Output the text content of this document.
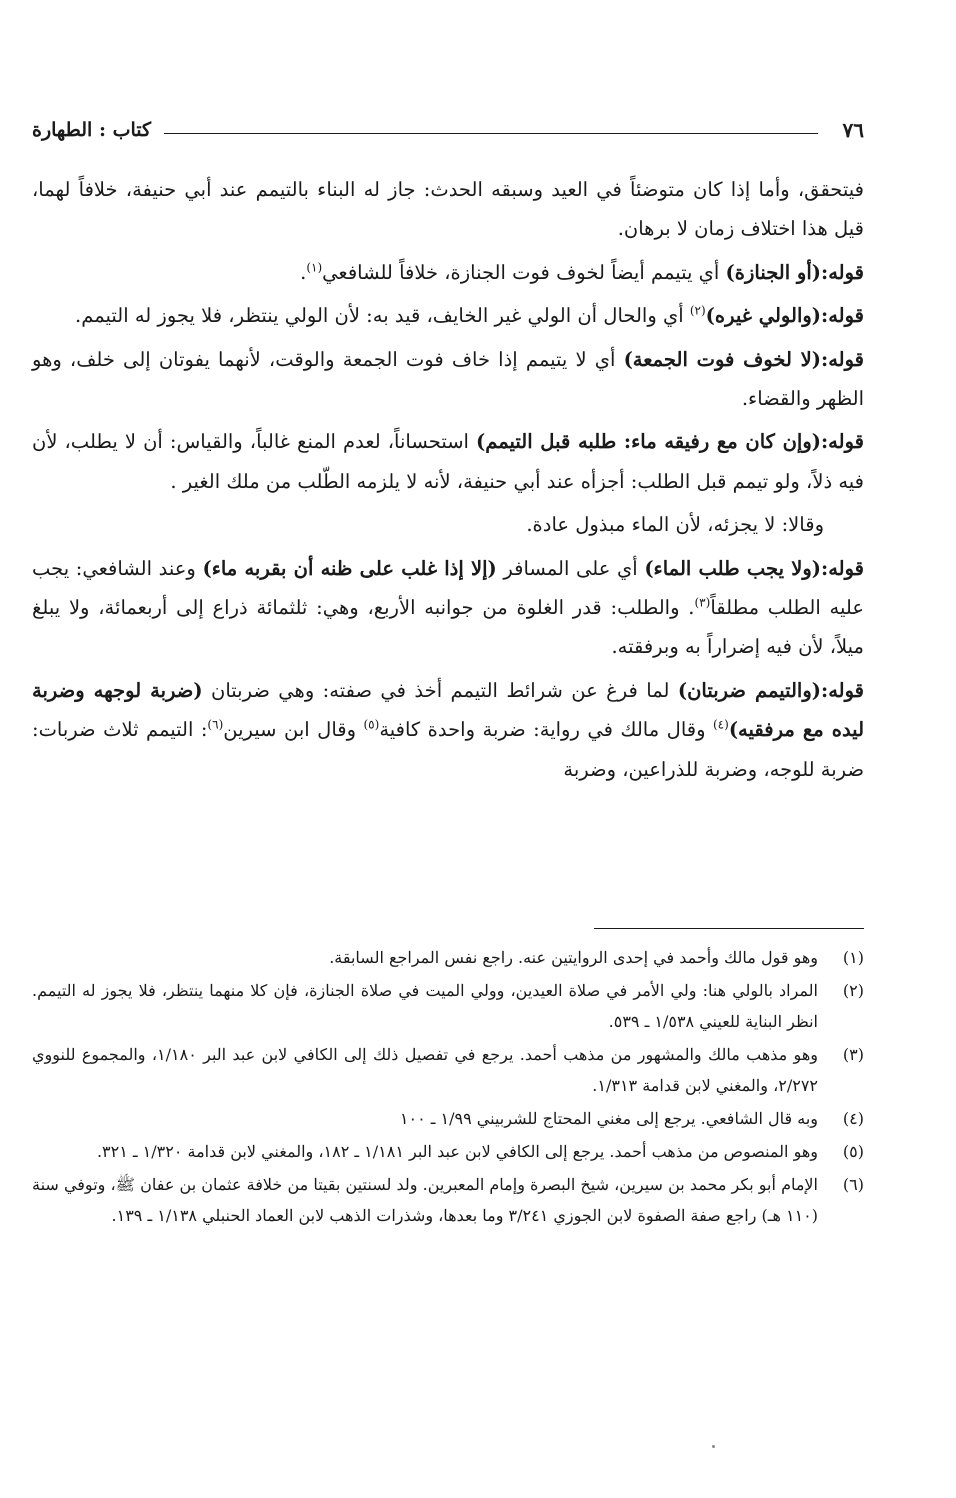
٧٦
كتاب : الطهارة

فيتحقق، وأما إذا كان متوضئاً في العيد وسبقه الحدث: جاز له البناء بالتيمم عند أبي حنيفة، خلافاً لهما، قيل هذا اختلاف زمان لا برهان.

قوله:(أو الجنازة) أي يتيمم أيضاً لخوف فوت الجنازة، خلافاً للشافعي$^{(١)}$.

قوله:(والولي غيره)$^{(٢)}$ أي والحال أن الولي غير الخايف، قيد به: لأن الولي ينتظر، فلا يجوز له التيمم.

قوله:(لا لخوف فوت الجمعة) أي لا يتيمم إذا خاف فوت الجمعة والوقت، لأنهما يفوتان إلى خلف، وهو الظهر والقضاء.

قوله:(وإن كان مع رفيقه ماء: طلبه قبل التيمم) استحساناً، لعدم المنع غالباً، والقياس: أن لا يطلب، لأن فيه ذلاً، ولو تيمم قبل الطلب: أجزأه عند أبي حنيفة، لأنه لا يلزمه الطّلب من ملك الغير .

وقالا: لا يجزئه، لأن الماء مبذول عادة.

قوله:(ولا يجب طلب الماء) أي على المسافر (إلا إذا غلب على ظنه أن بقربه ماء) وعند الشافعي: يجب عليه الطلب مطلقاً$^{(٣)}$. والطلب: قدر الغلوة من جوانبه الأربع، وهي: ثلثمائة ذراع إلى أربعمائة، ولا يبلغ ميلاً، لأن فيه إضراراً به وبرفقته.

قوله:(والتيمم ضربتان) لما فرغ عن شرائط التيمم أخذ في صفته: وهي ضربتان (ضربة لوجهه وضربة ليده مع مرفقيه)$^{(٤)}$ وقال مالك في رواية: ضربة واحدة كافية$^{(٥)}$ وقال ابن سيرين$^{(٦)}$: التيمم ثلاث ضربات: ضربة للوجه، وضربة للذراعين، وضربة

(١)
وهو قول مالك وأحمد في إحدى الروايتين عنه. راجع نفس المراجع السابقة.
(٢)
المراد بالولي هنا: ولي الأمر في صلاة العيدين، وولي الميت في صلاة الجنازة، فإن كلا منهما ينتظر، فلا يجوز له التيمم. انظر البناية للعيني ١/٥٣٨ ـ ٥٣٩.
(٣)
وهو مذهب مالك والمشهور من مذهب أحمد. يرجع في تفصيل ذلك إلى الكافي لابن عبد البر ١/١٨٠، والمجموع للنووي ٢/٢٧٢، والمغني لابن قدامة ١/٣١٣.
(٤)
وبه قال الشافعي. يرجع إلى مغني المحتاج للشربيني ١/٩٩ ـ ١٠٠
(٥)
وهو المنصوص من مذهب أحمد. يرجع إلى الكافي لابن عبد البر ١/١٨١ ـ ١٨٢، والمغني لابن قدامة ١/٣٢٠ ـ ٣٢١.
(٦)
الإمام أبو بكر محمد بن سيرين، شيخ البصرة وإمام المعبرين. ولد لسنتين بقيتا من خلافة عثمان بن عفان ﷺ، وتوفي سنة (١١٠ هـ) راجع صفة الصفوة لابن الجوزي ٣/٢٤١ وما بعدها، وشذرات الذهب لابن العماد الحنبلي ١/١٣٨ ـ ١٣٩.
